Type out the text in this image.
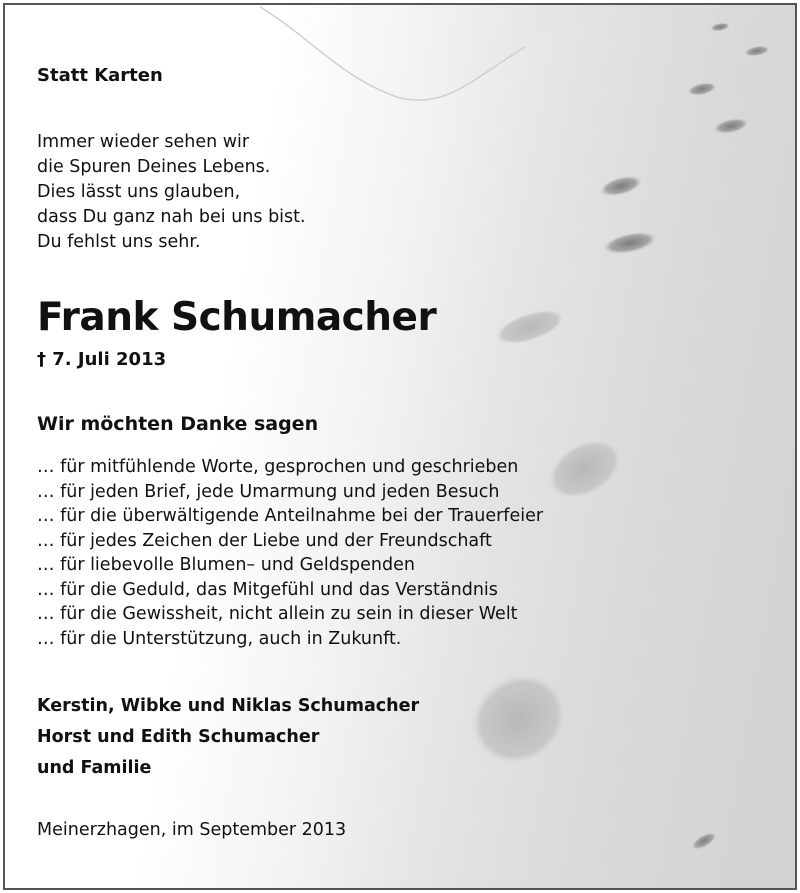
Statt Karten

Immer wieder sehen wir
die Spuren Deines Lebens.
Dies lässt uns glauben,
dass Du ganz nah bei uns bist.
Du fehlst uns sehr.

Frank Schumacher

† 7. Juli 2013

Wir möchten Danke sagen

… für mitfühlende Worte, gesprochen und geschrieben
… für jeden Brief, jede Umarmung und jeden Besuch
… für die überwältigende Anteilnahme bei der Trauerfeier
… für jedes Zeichen der Liebe und der Freundschaft
… für liebevolle Blumen– und Geldspenden
… für die Geduld, das Mitgefühl und das Verständnis
… für die Gewissheit, nicht allein zu sein in dieser Welt
… für die Unterstützung, auch in Zukunft.
Kerstin, Wibke und Niklas Schumacher
Horst und Edith Schumacher
und Familie

Meinerzhagen, im September 2013
